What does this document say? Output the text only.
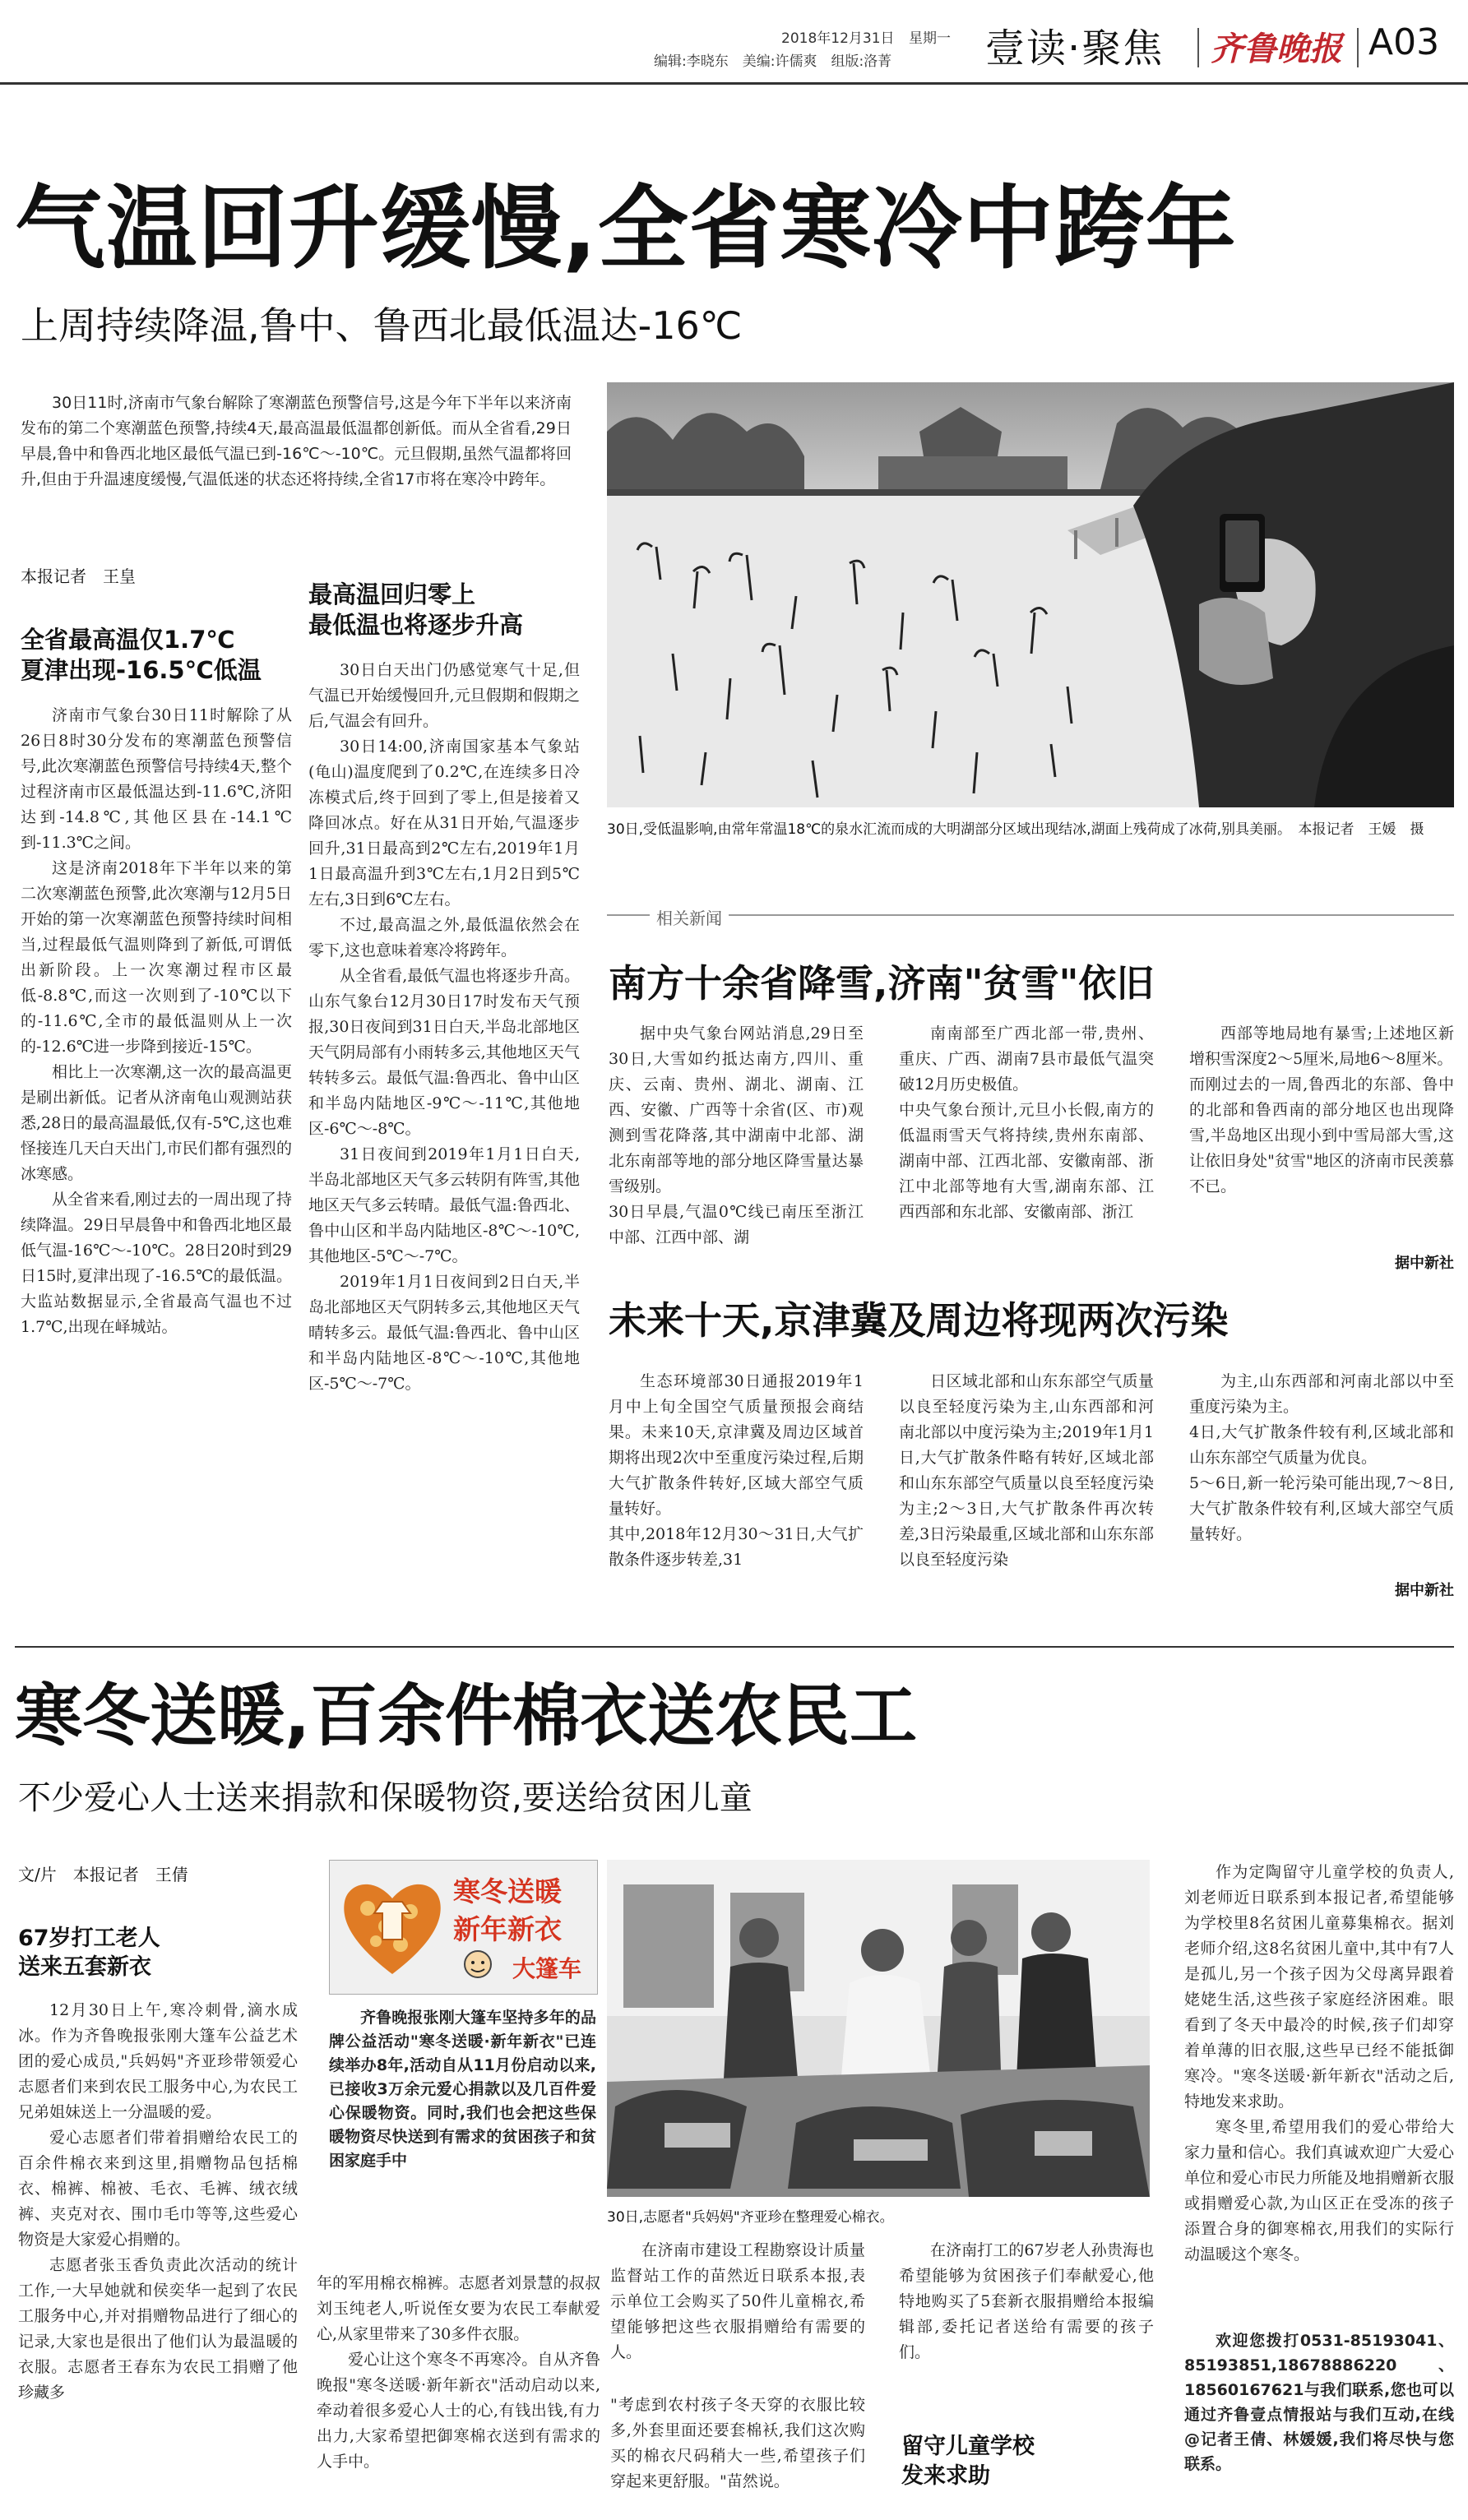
2018年12月31日 星期一
编辑:李晓东　美编:许儒爽　组版:洛菁 壹读·聚焦 齐鲁晚报 A03
气温回升缓慢,全省寒冷中跨年
上周持续降温,鲁中、鲁西北最低温达-16℃

30日11时,济南市气象台解除了寒潮蓝色预警信号,这是今年下半年以来济南发布的第二个寒潮蓝色预警,持续4天,最高温最低温都创新低。而从全省看,29日早晨,鲁中和鲁西北地区最低气温已到-16℃～-10℃。元旦假期,虽然气温都将回升,但由于升温速度缓慢,气温低迷的状态还将持续,全省17市将在寒冷中跨年。

本报记者　王皇
全省最高温仅1.7℃
夏津出现-16.5℃低温
最高温回归零上
最低温也将逐步升高

济南市气象台30日11时解除了从26日8时30分发布的寒潮蓝色预警信号,此次寒潮蓝色预警信号持续4天,整个过程济南市区最低温达到-11.6℃,济阳达到-14.8℃,其他区县在-14.1℃到-11.3℃之间。

这是济南2018年下半年以来的第二次寒潮蓝色预警,此次寒潮与12月5日开始的第一次寒潮蓝色预警持续时间相当,过程最低气温则降到了新低,可谓低出新阶段。上一次寒潮过程市区最低-8.8℃,而这一次则到了-10℃以下的-11.6℃,全市的最低温则从上一次的-12.6℃进一步降到接近-15℃。

相比上一次寒潮,这一次的最高温更是刷出新低。记者从济南龟山观测站获悉,28日的最高温最低,仅有-5℃,这也难怪接连几天白天出门,市民们都有强烈的冰寒感。

从全省来看,刚过去的一周出现了持续降温。29日早晨鲁中和鲁西北地区最低气温-16℃～-10℃。28日20时到29日15时,夏津出现了-16.5℃的最低温。大监站数据显示,全省最高气温也不过1.7℃,出现在峄城站。

30日白天出门仍感觉寒气十足,但气温已开始缓慢回升,元旦假期和假期之后,气温会有回升。

30日14:00,济南国家基本气象站(龟山)温度爬到了0.2℃,在连续多日冷冻模式后,终于回到了零上,但是接着又降回冰点。好在从31日开始,气温逐步回升,31日最高到2℃左右,2019年1月1日最高温升到3℃左右,1月2日到5℃左右,3日到6℃左右。

不过,最高温之外,最低温依然会在零下,这也意味着寒冷将跨年。

从全省看,最低气温也将逐步升高。山东气象台12月30日17时发布天气预报,30日夜间到31日白天,半岛北部地区天气阴局部有小雨转多云,其他地区天气转转多云。最低气温:鲁西北、鲁中山区和半岛内陆地区-9℃～-11℃,其他地区-6℃～-8℃。

31日夜间到2019年1月1日白天,半岛北部地区天气多云转阴有阵雪,其他地区天气多云转晴。最低气温:鲁西北、鲁中山区和半岛内陆地区-8℃～-10℃,其他地区-5℃～-7℃。

2019年1月1日夜间到2日白天,半岛北部地区天气阴转多云,其他地区天气晴转多云。最低气温:鲁西北、鲁中山区和半岛内陆地区-8℃～-10℃,其他地区-5℃～-7℃。

30日,受低温影响,由常年常温18℃的泉水汇流而成的大明湖部分区域出现结冰,湖面上残荷成了冰荷,别具美丽。　本报记者　王媛　摄
相关新闻
南方十余省降雪,济南"贫雪"依旧
据中央气象台网站消息,29日至30日,大雪如约抵达南方,四川、重庆、云南、贵州、湖北、湖南、江西、安徽、广西等十余省(区、市)观测到雪花降落,其中湖南中北部、湖北东南部等地的部分地区降雪量达暴雪级别。
30日早晨,气温0℃线已南压至浙江中部、江西中部、湖
南南部至广西北部一带,贵州、重庆、广西、湖南7县市最低气温突破12月历史极值。
中央气象台预计,元旦小长假,南方的低温雨雪天气将持续,贵州东南部、湖南中部、江西北部、安徽南部、浙江中北部等地有大雪,湖南东部、江西西部和东北部、安徽南部、浙江
西部等地局地有暴雪;上述地区新增积雪深度2～5厘米,局地6～8厘米。
而刚过去的一周,鲁西北的东部、鲁中的北部和鲁西南的部分地区也出现降雪,半岛地区出现小到中雪局部大雪,这让依旧身处"贫雪"地区的济南市民羡慕不已。
据中新社
未来十天,京津冀及周边将现两次污染
生态环境部30日通报2019年1月中上旬全国空气质量预报会商结果。未来10天,京津冀及周边区域首期将出现2次中至重度污染过程,后期大气扩散条件转好,区域大部空气质量转好。
其中,2018年12月30～31日,大气扩散条件逐步转差,31
日区域北部和山东东部空气质量以良至轻度污染为主,山东西部和河南北部以中度污染为主;2019年1月1日,大气扩散条件略有转好,区域北部和山东东部空气质量以良至轻度污染为主;2～3日,大气扩散条件再次转差,3日污染最重,区域北部和山东东部以良至轻度污染
为主,山东西部和河南北部以中至重度污染为主。
4日,大气扩散条件较有利,区域北部和山东东部空气质量为优良。
5～6日,新一轮污染可能出现,7～8日,大气扩散条件较有利,区域大部空气质量转好。
据中新社
寒冬送暖,百余件棉衣送农民工
不少爱心人士送来捐款和保暖物资,要送给贫困儿童
文/片　本报记者　王倩
67岁打工老人
送来五套新衣

12月30日上午,寒冷刺骨,滴水成冰。作为齐鲁晚报张刚大篷车公益艺术团的爱心成员,"兵妈妈"齐亚珍带领爱心志愿者们来到农民工服务中心,为农民工兄弟姐妹送上一分温暖的爱。

爱心志愿者们带着捐赠给农民工的百余件棉衣来到这里,捐赠物品包括棉衣、棉裤、棉被、毛衣、毛裤、绒衣绒裤、夹克对衣、围巾毛巾等等,这些爱心物资是大家爱心捐赠的。

志愿者张玉香负责此次活动的统计工作,一大早她就和侯奕华一起到了农民工服务中心,并对捐赠物品进行了细心的记录,大家也是很出了他们认为最温暖的衣服。志愿者王春东为农民工捐赠了他珍藏多

寒冬送暖
新年新衣
大篷车

齐鲁晚报张刚大篷车坚持多年的品牌公益活动"寒冬送暖·新年新衣"已连续举办8年,活动自从11月份启动以来,已接收3万余元爱心捐款以及几百件爱心保暖物资。同时,我们也会把这些保暖物资尽快送到有需求的贫困孩子和贫困家庭手中

年的军用棉衣棉裤。志愿者刘景慧的叔叔刘玉纯老人,听说侄女要为农民工奉献爱心,从家里带来了30多件衣服。

爱心让这个寒冬不再寒冷。自从齐鲁晚报"寒冬送暖·新年新衣"活动启动以来,牵动着很多爱心人士的心,有钱出钱,有力出力,大家希望把御寒棉衣送到有需求的人手中。

30日,志愿者"兵妈妈"齐亚珍在整理爱心棉衣。
在济南市建设工程勘察设计质量监督站工作的苗然近日联系本报,表示单位工会购买了50件儿童棉衣,希望能够把这些衣服捐赠给有需要的人。
"考虑到农村孩子冬天穿的衣服比较多,外套里面还要套棉袄,我们这次购买的棉衣尺码稍大一些,希望孩子们穿起来更舒服。"苗然说。
在济南打工的67岁老人孙贵海也希望能够为贫困孩子们奉献爱心,他特地购买了5套新衣服捐赠给本报编辑部,委托记者送给有需要的孩子们。
留守儿童学校
发来求助

作为定陶留守儿童学校的负责人,刘老师近日联系到本报记者,希望能够为学校里8名贫困儿童募集棉衣。据刘老师介绍,这8名贫困儿童中,其中有7人是孤儿,另一个孩子因为父母离异跟着姥姥生活,这些孩子家庭经济困难。眼看到了冬天中最冷的时候,孩子们却穿着单薄的旧衣服,这些早已经不能抵御寒冷。"寒冬送暖·新年新衣"活动之后,特地发来求助。

寒冬里,希望用我们的爱心带给大家力量和信心。我们真诚欢迎广大爱心单位和爱心市民力所能及地捐赠新衣服或捐赠爱心款,为山区正在受冻的孩子添置合身的御寒棉衣,用我们的实际行动温暖这个寒冬。

欢迎您拨打0531-85193041、85193851,18678886220、18560167621与我们联系,您也可以通过齐鲁壹点情报站与我们互动,在线@记者王倩、林媛媛,我们将尽快与您联系。
